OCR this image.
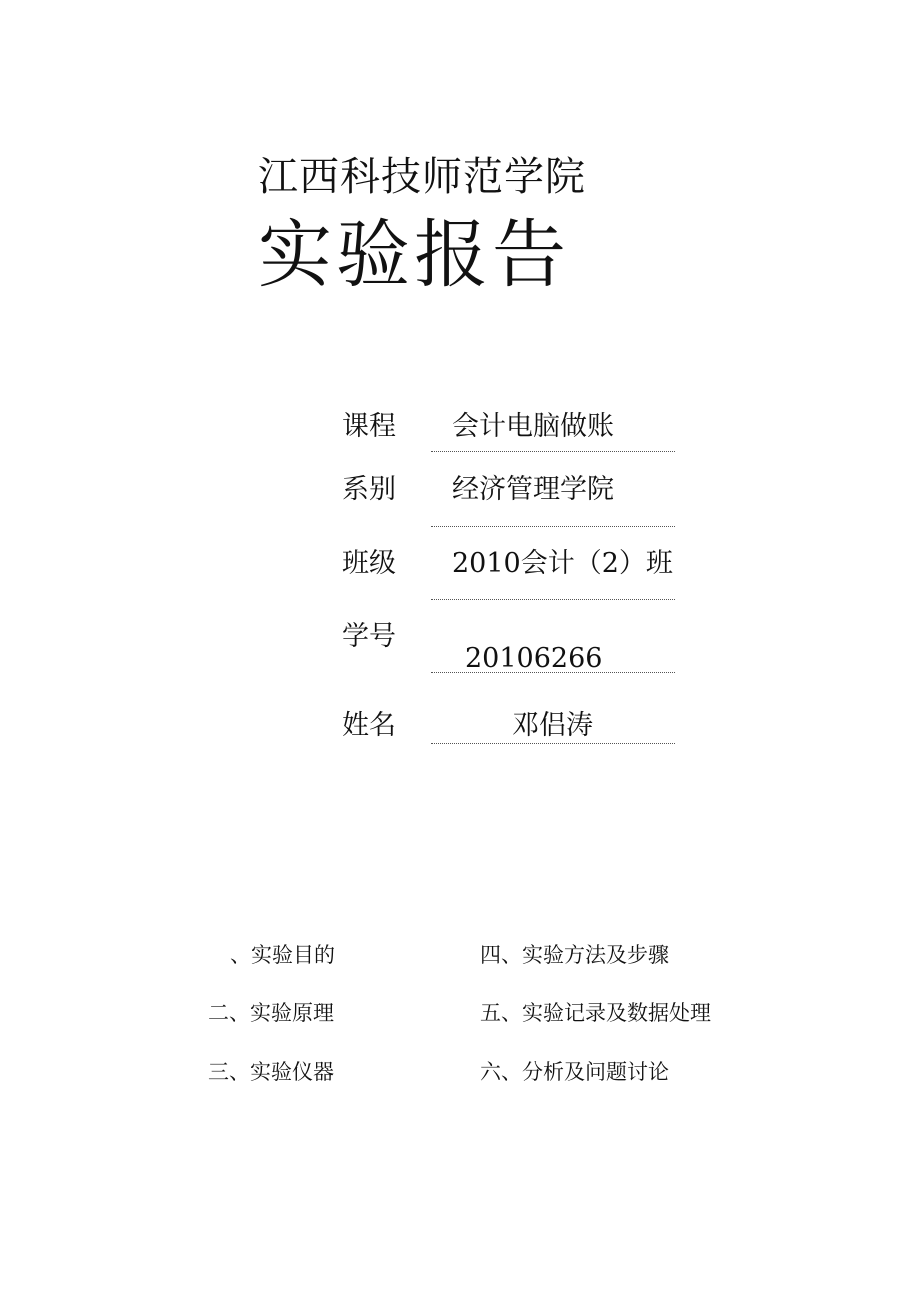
江西科技师范学院
实验报告
课程 会计电脑做账
系别 经济管理学院
班级 2010会计（2）班
学号
20106266
姓名	邓侣涛
、实验目的
二、实验原理
三、实验仪器
四、实验方法及步骤
五、实验记录及数据处理
六、分析及问题讨论
